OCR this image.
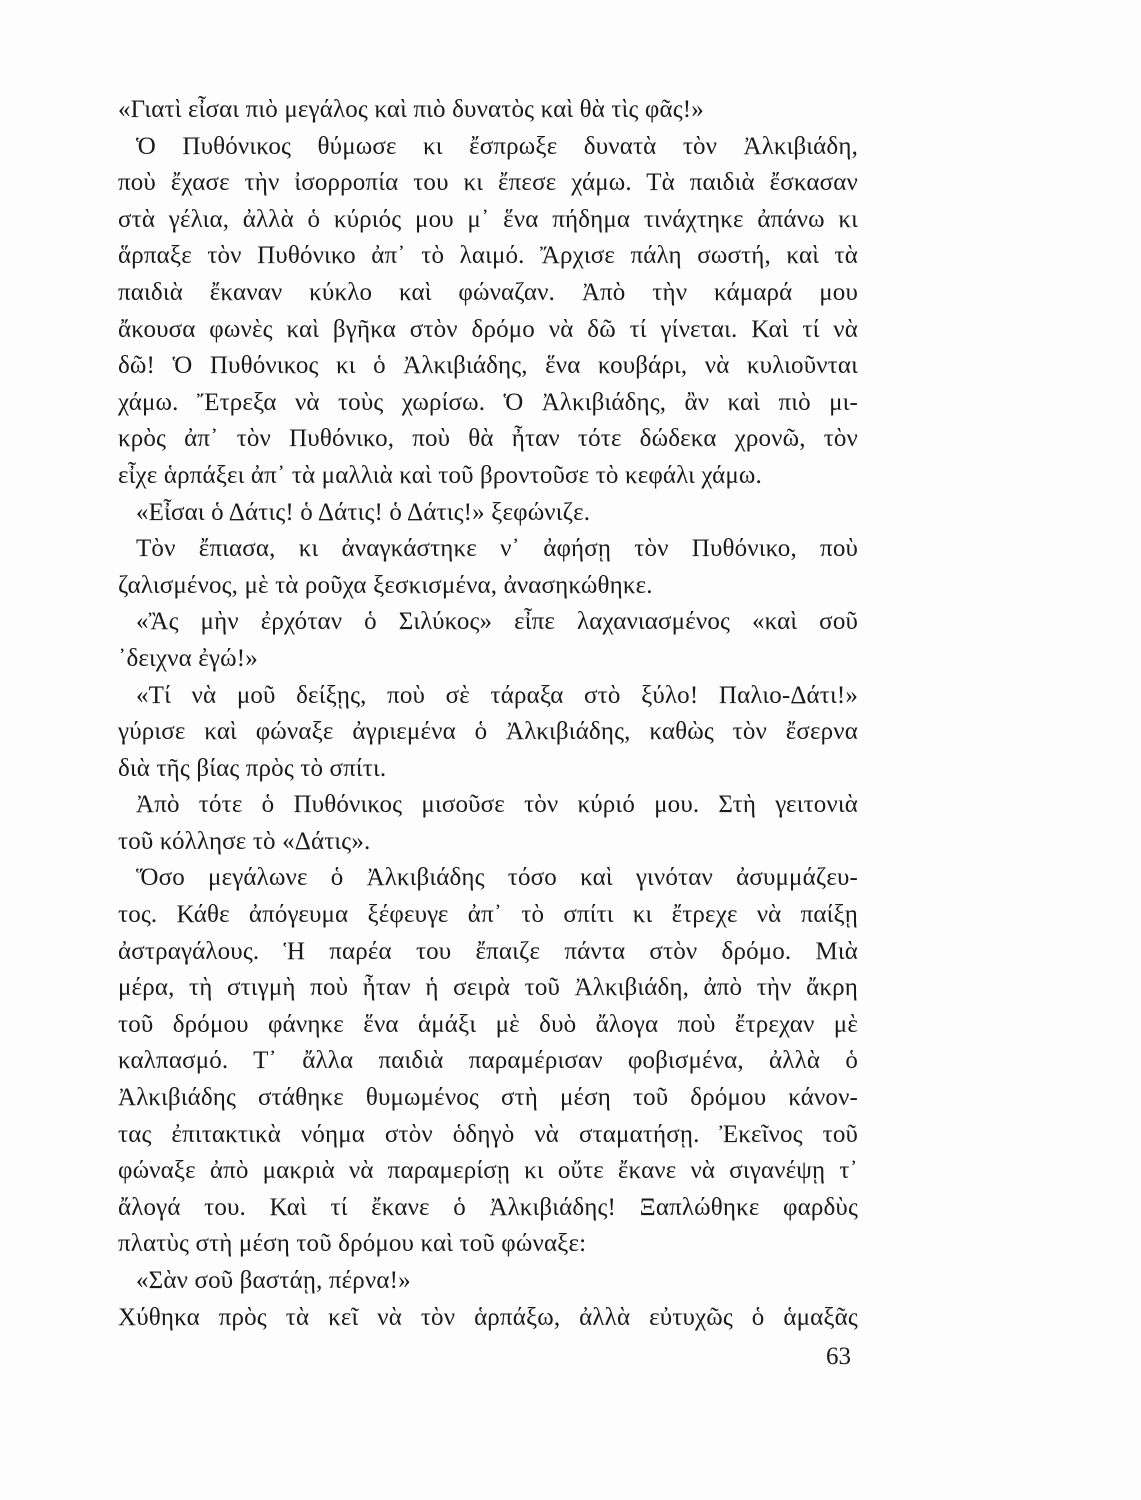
«Γιατὶ εἶσαι πιὸ μεγάλος καὶ πιὸ δυνατὸς καὶ θὰ τὶς φᾶς!»
Ὁ Πυθόνικος θύμωσε κι ἔσπρωξε δυνατὰ τὸν Ἀλκιβιάδη,
ποὺ ἔχασε τὴν ἰσορροπία του κι ἔπεσε χάμω. Τὰ παιδιὰ ἔσκασαν
στὰ γέλια, ἀλλὰ ὁ κύριός μου μ᾽ ἕνα πήδημα τινάχτηκε ἀπάνω κι
ἅρπαξε τὸν Πυθόνικο ἀπ᾽ τὸ λαιμό. Ἄρχισε πάλη σωστή, καὶ τὰ
παιδιὰ ἔκαναν κύκλο καὶ φώναζαν. Ἀπὸ τὴν κάμαρά μου
ἄκουσα φωνὲς καὶ βγῆκα στὸν δρόμο νὰ δῶ τί γίνεται. Καὶ τί νὰ
δῶ! Ὁ Πυθόνικος κι ὁ Ἀλκιβιάδης, ἕνα κουβάρι, νὰ κυλιοῦνται
χάμω. Ἔτρεξα νὰ τοὺς χωρίσω. Ὁ Ἀλκιβιάδης, ἂν καὶ πιὸ μι-
κρὸς ἀπ᾽ τὸν Πυθόνικο, ποὺ θὰ ἦταν τότε δώδεκα χρονῶ, τὸν
εἶχε ἁρπάξει ἀπ᾽ τὰ μαλλιὰ καὶ τοῦ βροντοῦσε τὸ κεφάλι χάμω.
«Εἶσαι ὁ Δάτις! ὁ Δάτις! ὁ Δάτις!» ξεφώνιζε.
Τὸν ἔπιασα, κι ἀναγκάστηκε ν᾽ ἀφήσῃ τὸν Πυθόνικο, ποὺ
ζαλισμένος, μὲ τὰ ροῦχα ξεσκισμένα, ἀνασηκώθηκε.
«Ἂς μὴν ἐρχόταν ὁ Σιλύκος» εἶπε λαχανιασμένος «καὶ σοῦ
᾽δειχνα ἐγώ!»
«Τί νὰ μοῦ δείξῃς, ποὺ σὲ τάραξα στὸ ξύλο! Παλιο-Δάτι!»
γύρισε καὶ φώναξε ἀγριεμένα ὁ Ἀλκιβιάδης, καθὼς τὸν ἔσερνα
διὰ τῆς βίας πρὸς τὸ σπίτι.
Ἀπὸ τότε ὁ Πυθόνικος μισοῦσε τὸν κύριό μου. Στὴ γειτονιὰ
τοῦ κόλλησε τὸ «Δάτις».
Ὅσο μεγάλωνε ὁ Ἀλκιβιάδης τόσο καὶ γινόταν ἀσυμμάζευ-
τος. Κάθε ἀπόγευμα ξέφευγε ἀπ᾽ τὸ σπίτι κι ἔτρεχε νὰ παίξῃ
ἀστραγάλους. Ἡ παρέα του ἔπαιζε πάντα στὸν δρόμο. Μιὰ
μέρα, τὴ στιγμὴ ποὺ ἦταν ἡ σειρὰ τοῦ Ἀλκιβιάδη, ἀπὸ τὴν ἄκρη
τοῦ δρόμου φάνηκε ἕνα ἁμάξι μὲ δυὸ ἄλογα ποὺ ἔτρεχαν μὲ
καλπασμό. Τ᾽ ἄλλα παιδιὰ παραμέρισαν φοβισμένα, ἀλλὰ ὁ
Ἀλκιβιάδης στάθηκε θυμωμένος στὴ μέση τοῦ δρόμου κάνον-
τας ἐπιτακτικὰ νόημα στὸν ὁδηγὸ νὰ σταματήσῃ. Ἐκεῖνος τοῦ
φώναξε ἀπὸ μακριὰ νὰ παραμερίσῃ κι οὔτε ἔκανε νὰ σιγανέψῃ τ᾽
ἄλογά του. Καὶ τί ἔκανε ὁ Ἀλκιβιάδης! Ξαπλώθηκε φαρδὺς
πλατὺς στὴ μέση τοῦ δρόμου καὶ τοῦ φώναξε:
«Σὰν σοῦ βαστάῃ, πέρνα!»
Χύθηκα πρὸς τὰ κεῖ νὰ τὸν ἁρπάξω, ἀλλὰ εὐτυχῶς ὁ ἁμαξᾶς
63
